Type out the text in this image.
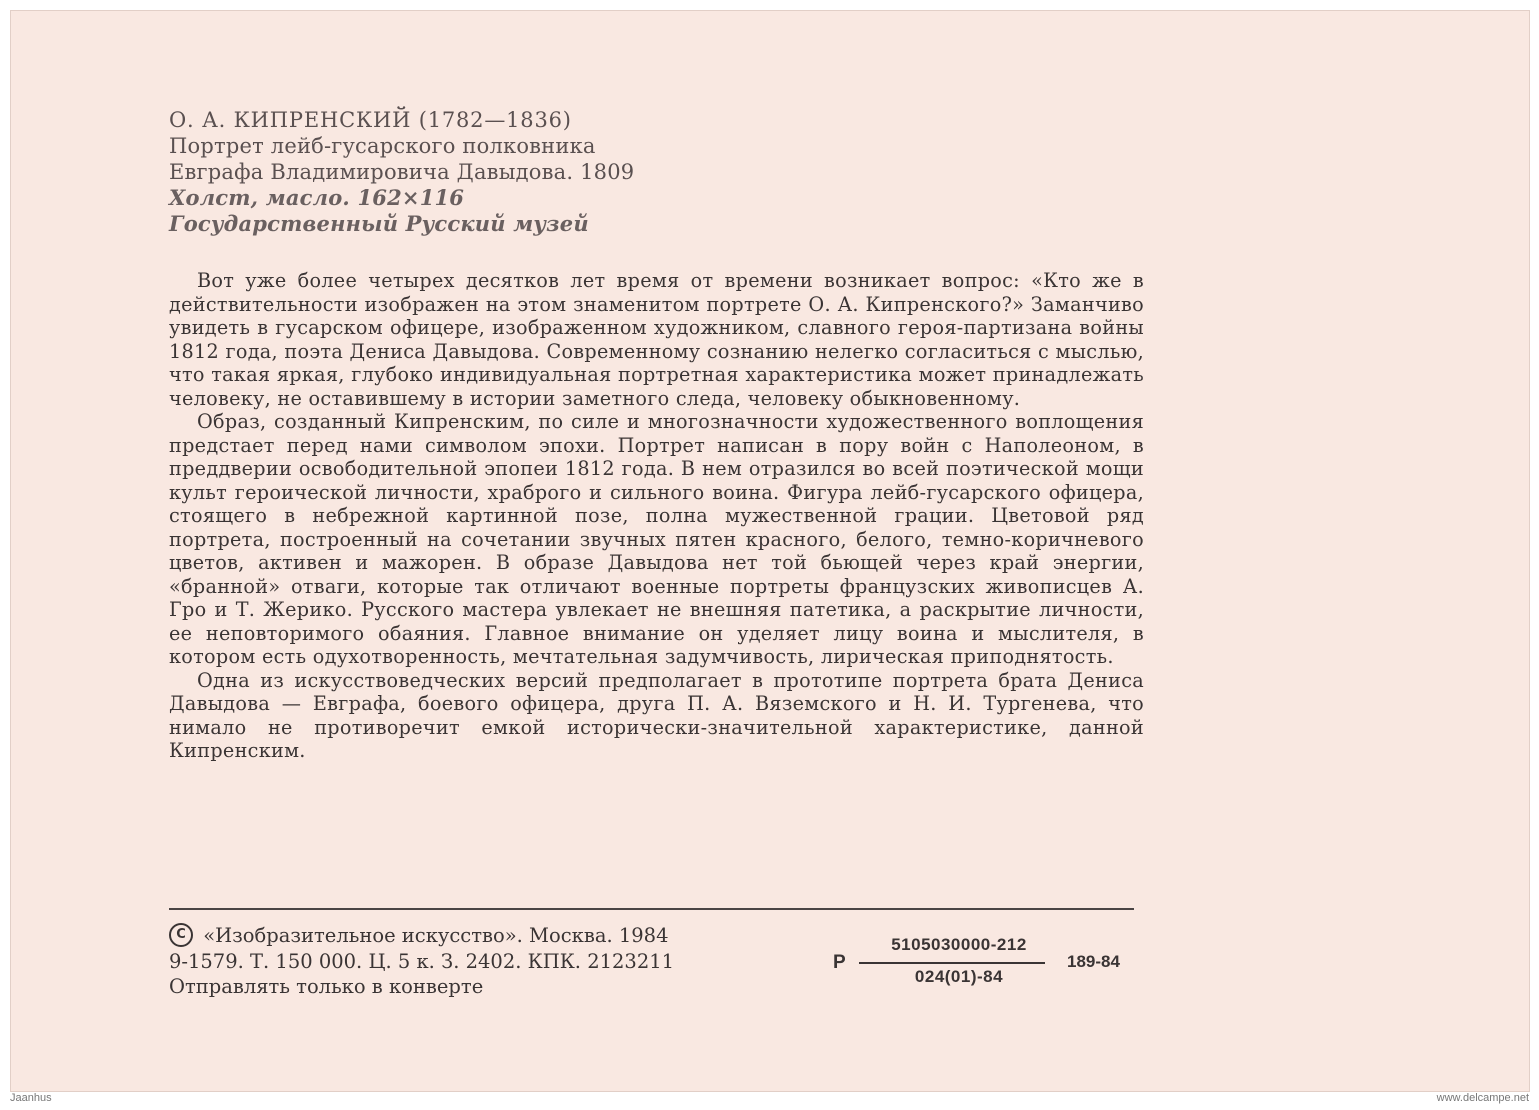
О. А. КИПРЕНСКИЙ (1782—1836)
Портрет лейб-гусарского полковника
Евграфа Владимировича Давыдова. 1809
Холст, масло. 162×116
Государственный Русский музей

Вот уже более четырех десятков лет время от времени возникает вопрос: «Кто же в действительности изображен на этом знаменитом портрете О. А. Кипренского?» Заманчиво увидеть в гусарском офицере, изображенном художником, славного героя-партизана войны 1812 года, поэта Дениса Давыдова. Современному сознанию нелегко согласиться с мыслью, что такая яркая, глубоко индивидуальная портретная характеристика может принадлежать человеку, не оставившему в истории заметного следа, человеку обыкновенному.

Образ, созданный Кипренским, по силе и многозначности художественного воплощения предстает перед нами символом эпохи. Портрет написан в пору войн с Наполеоном, в преддверии освободительной эпопеи 1812 года. В нем отразился во всей поэтической мощи культ героической личности, храброго и сильного воина. Фигура лейб-гусарского офицера, стоящего в небрежной картинной позе, полна мужественной грации. Цветовой ряд портрета, построенный на сочетании звучных пятен красного, белого, темно-коричневого цветов, активен и мажорен. В образе Давыдова нет той бьющей через край энергии, «бранной» отваги, которые так отличают военные портреты французских живописцев А. Гро и Т. Жерико. Русского мастера увлекает не внешняя патетика, а раскрытие личности, ее неповторимого обаяния. Главное внимание он уделяет лицу воина и мыслителя, в котором есть одухотворенность, мечтательная задумчивость, лирическая приподнятость.

Одна из искусствоведческих версий предполагает в прототипе портрета брата Дениса Давыдова — Евграфа, боевого офицера, друга П. А. Вяземского и Н. И. Тургенева, что нимало не противоречит емкой исторически-значительной характеристике, данной Кипренским.

C «Изобразительное искусство». Москва. 1984
9-1579. Т. 150 000. Ц. 5 к. З. 2402. КПК. 2123211
Отправлять только в конверте
Р
5105030000-212
024(01)-84
189-84
Jaanhus	www.delcampe.net
